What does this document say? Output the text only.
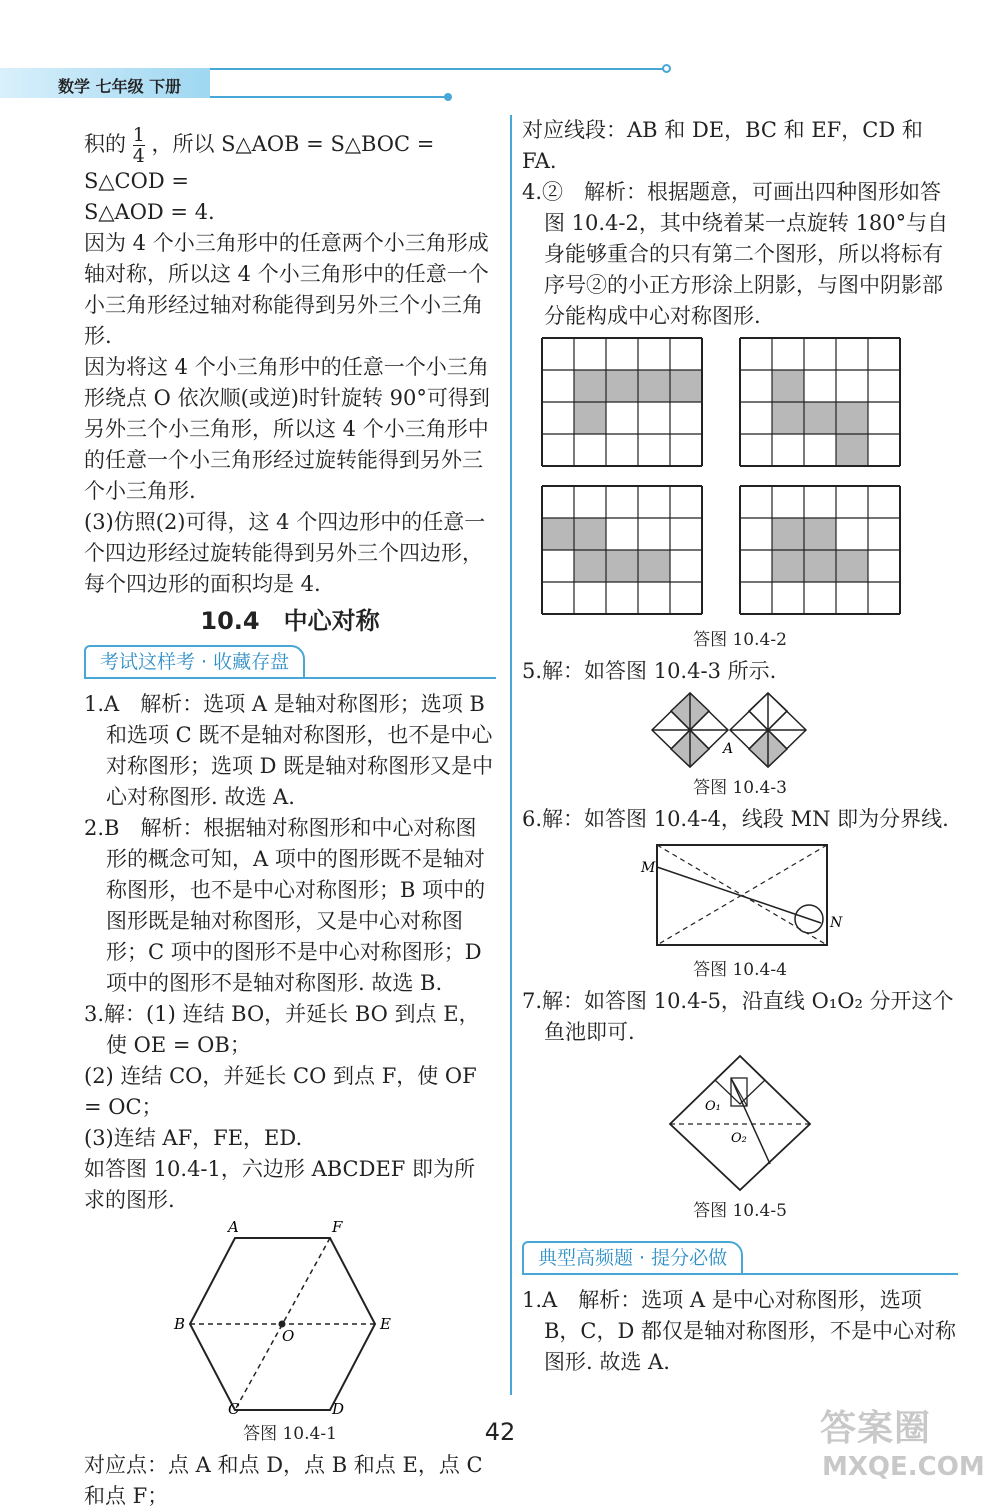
数学 七年级 下册

积的 $\frac{1}{4}$ ，所以 S△AOB = S△BOC = S△COD =

S△AOD = 4.

因为 4 个小三角形中的任意两个小三角形成轴对称，所以这 4 个小三角形中的任意一个小三角形经过轴对称能得到另外三个小三角形.

因为将这 4 个小三角形中的任意一个小三角形绕点 O 依次顺(或逆)时针旋转 90°可得到另外三个小三角形，所以这 4 个小三角形中的任意一个小三角形经过旋转能得到另外三个小三角形.

(3)仿照(2)可得，这 4 个四边形中的任意一个四边形经过旋转能得到另外三个四边形，每个四边形的面积均是 4.

10.4　中心对称
考试这样考 · 收藏存盘

1.A　解析：选项 A 是轴对称图形；选项 B 和选项 C 既不是轴对称图形，也不是中心对称图形；选项 D 既是轴对称图形又是中心对称图形. 故选 A.

2.B　解析：根据轴对称图形和中心对称图形的概念可知，A 项中的图形既不是轴对称图形，也不是中心对称图形；B 项中的图形既是轴对称图形，又是中心对称图形；C 项中的图形不是中心对称图形；D 项中的图形不是轴对称图形. 故选 B.

3.解：(1) 连结 BO，并延长 BO 到点 E，使 OE = OB；

(2) 连结 CO，并延长 CO 到点 F，使 OF = OC；

(3)连结 AF，FE，ED.

如答图 10.4-1，六边形 ABCDEF 即为所求的图形.

A	F
B
O
E
C	D
答图 10.4-1

对应点：点 A 和点 D，点 B 和点 E，点 C 和点 F；

对应线段：AB 和 DE，BC 和 EF，CD 和 FA.

4.②　解析：根据题意，可画出四种图形如答图 10.4-2，其中绕着某一点旋转 180°与自身能够重合的只有第二个图形，所以将标有序号②的小正方形涂上阴影，与图中阴影部分能构成中心对称图形.

答图 10.4-2

5.解：如答图 10.4-3 所示.

A
答图 10.4-3

6.解：如答图 10.4-4，线段 MN 即为分界线.

M
N
答图 10.4-4

7.解：如答图 10.4-5，沿直线 O₁O₂ 分开这个鱼池即可.

O₁
O₂
答图 10.4-5
典型高频题 · 提分必做

1.A　解析：选项 A 是中心对称图形，选项 B，C，D 都仅是轴对称图形，不是中心对称图形. 故选 A.

42	答案圈
MXQE.COM
